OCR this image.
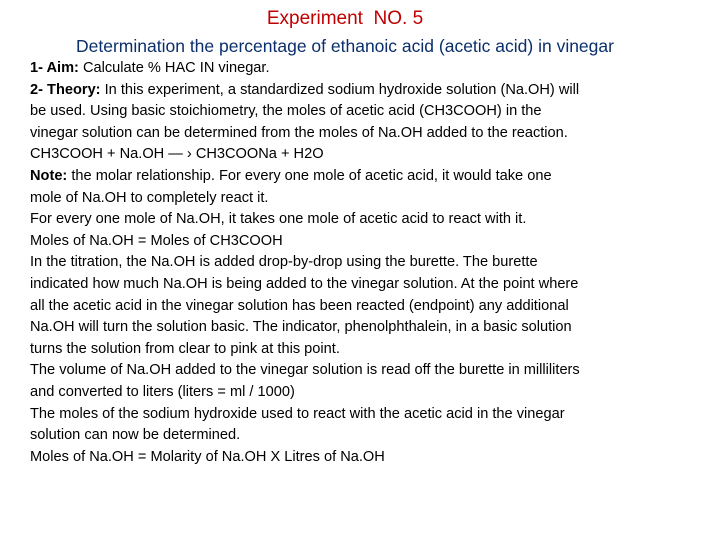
Experiment  NO. 5
Determination the percentage of ethanoic acid (acetic acid) in vinegar
1- Aim: Calculate % HAC IN vinegar.
2- Theory: In this experiment, a standardized sodium hydroxide solution (Na.OH) will
be used. Using basic stoichiometry, the moles of acetic acid (CH3COOH) in the
vinegar solution can be determined from the moles of Na.OH added to the reaction.
CH3COOH + Na.OH — › CH3COONa + H2O
Note: the molar relationship. For every one mole of acetic acid, it would take one
mole of Na.OH to completely react it.
For every one mole of Na.OH, it takes one mole of acetic acid to react with it.
Moles of Na.OH = Moles of CH3COOH
In the titration, the Na.OH is added drop-by-drop using the burette. The burette
indicated how much Na.OH is being added to the vinegar solution. At the point where
all the acetic acid in the vinegar solution has been reacted (endpoint) any additional
Na.OH will turn the solution basic. The indicator, phenolphthalein, in a basic solution
turns the solution from clear to pink at this point.
The volume of Na.OH added to the vinegar solution is read off the burette in milliliters
and converted to liters (liters = ml / 1000)
The moles of the sodium hydroxide used to react with the acetic acid in the vinegar
solution can now be determined.
Moles of Na.OH = Molarity of Na.OH X Litres of Na.OH
